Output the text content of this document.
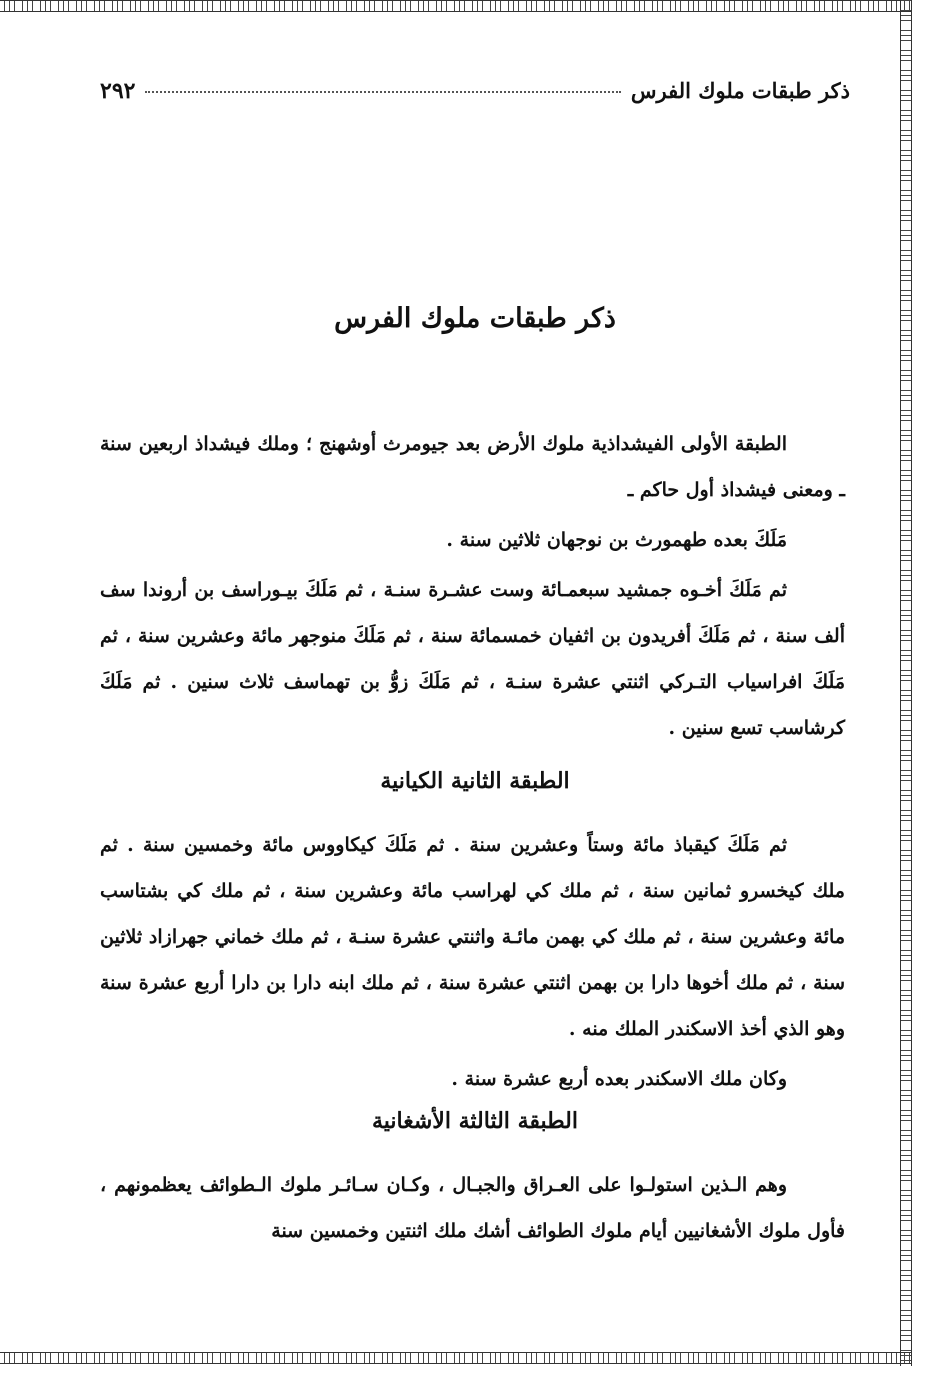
ذكر طبقات ملوك الفرس
٢٩٢
ذكر طبقات ملوك الفرس

الطبقة الأولى الفيشداذية ملوك الأرض بعد جيومرث أوشهنج ؛ وملك فيشداذ اربعين سنة ـ ومعنى فيشداذ أول حاكم ـ

مَلَكَ بعده طهمورث بن نوجهان ثلاثين سنة .

ثم مَلَكَ أخـوه جمشيد سبعمـائة وست عشـرة سنـة ، ثم مَلَكَ بيـوراسف بن أروندا سف ألف سنة ، ثم مَلَكَ أفريدون بن اثفيان خمسمائة سنة ، ثم مَلَكَ منوجهر مائة وعشرين سنة ، ثم مَلَكَ افراسياب التـركي اثنتي عشرة سنـة ، ثم مَلَكَ زوُّ بن تهماسف ثلاث سنين . ثم مَلَكَ كرشاسب تسع سنين .

الطبقة الثانية الكيانية

ثم مَلَكَ كيقباذ مائة وستاً وعشرين سنة . ثم مَلَكَ كيكاووس مائة وخمسين سنة . ثم ملك كيخسرو ثمانين سنة ، ثم ملك كي لهراسب مائة وعشرين سنة ، ثم ملك كي بشتاسب مائة وعشرين سنة ، ثم ملك كي بهمن مائـة واثنتي عشرة سنـة ، ثم ملك خماني جهرازاد ثلاثين سنة ، ثم ملك أخوها دارا بن بهمن اثنتي عشرة سنة ، ثم ملك ابنه دارا بن دارا أربع عشرة سنة وهو الذي أخذ الاسكندر الملك منه .

وكان ملك الاسكندر بعده أربع عشرة سنة .

الطبقة الثالثة الأشغانية

وهم الـذين استولـوا على العـراق والجبـال ، وكـان سـائـر ملوك الـطوائف يعظمونهم ، فأول ملوك الأشغانيين أيام ملوك الطوائف أشك ملك اثنتين وخمسين سنة
